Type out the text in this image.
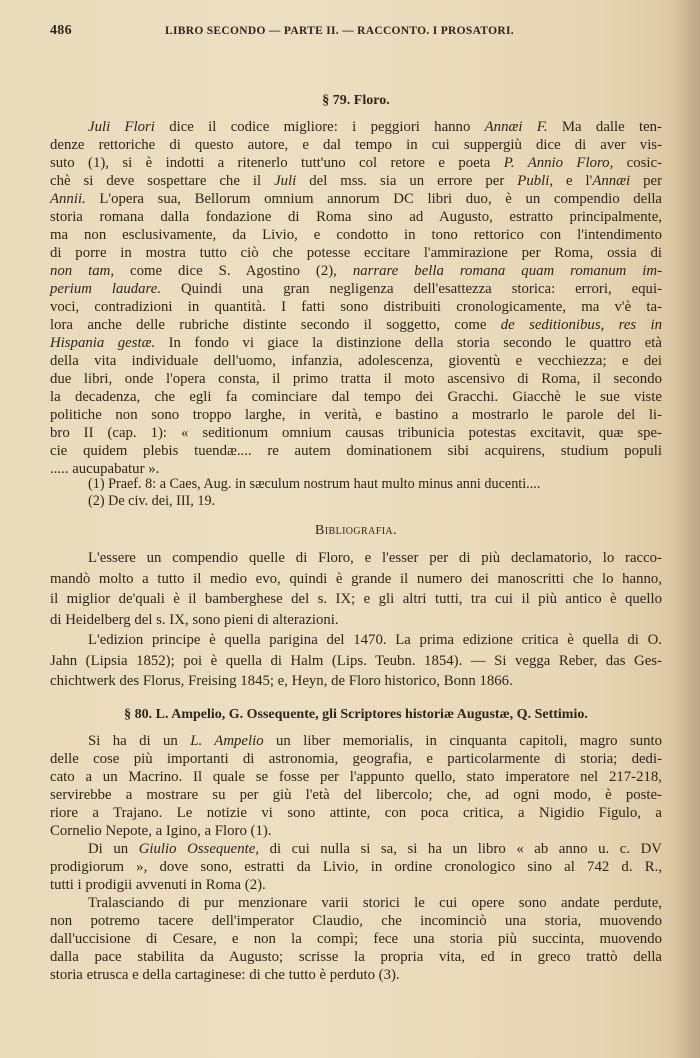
486	LIBRO SECONDO — PARTE II. — RACCONTO. I PROSATORI.
§ 79. Floro.
Juli Flori dice il codice migliore: i peggiori hanno Annæi F. Ma dalle ten-
denze rettoriche di questo autore, e dal tempo in cui suppergiù dice di aver vis-
suto (1), si è indotti a ritenerlo tutt'uno col retore e poeta P. Annio Floro, cosic-
chè si deve sospettare che il Juli del mss. sia un errore per Publi, e l'Annæi per
Annii. L'opera sua, Bellorum omnium annorum DC libri duo, è un compendio della
storia romana dalla fondazione di Roma sino ad Augusto, estratto principalmente,
ma non esclusivamente, da Livio, e condotto in tono rettorico con l'intendimento
di porre in mostra tutto ciò che potesse eccitare l'ammirazione per Roma, ossia di
non tam, come dice S. Agostino (2), narrare bella romana quam romanum im-
perium laudare. Quindi una gran negligenza dell'esattezza storica: errori, equi-
voci, contradizioni in quantità. I fatti sono distribuiti cronologicamente, ma v'è ta-
lora anche delle rubriche distinte secondo il soggetto, come de seditionibus, res in
Hispania gestæ. In fondo vi giace la distinzione della storia secondo le quattro età
della vita individuale dell'uomo, infanzia, adolescenza, gioventù e vecchiezza; e dei
due libri, onde l'opera consta, il primo tratta il moto ascensivo di Roma, il secondo
la decadenza, che egli fa cominciare dal tempo dei Gracchi. Giacchè le sue viste
politiche non sono troppo larghe, in verità, e bastino a mostrarlo le parole del li-
bro II (cap. 1): « seditionum omnium causas tribunicia potestas excitavit, quæ spe-
cie quidem plebis tuendæ.... re autem dominationem sibi acquirens, studium populi
..... aucupabatur ».
(1) Praef. 8: a Caes, Aug. in sæculum nostrum haut multo minus anni ducenti....
(2) De civ. dei, III, 19.
Bibliografia.
L'essere un compendio quelle di Floro, e l'esser per di più declamatorio, lo racco-
mandò molto a tutto il medio evo, quindi è grande il numero dei manoscritti che lo hanno,
il miglior de'quali è il bamberghese del s. IX; e gli altri tutti, tra cui il più antico è quello
di Heidelberg del s. IX, sono pieni di alterazioni.
L'edizion principe è quella parigina del 1470. La prima edizione critica è quella di O.
Jahn (Lipsia 1852); poi è quella di Halm (Lips. Teubn. 1854). — Si vegga Reber, das Ges-
chichtwerk des Florus, Freising 1845; e, Heyn, de Floro historico, Bonn 1866.
§ 80. L. Ampelio, G. Ossequente, gli Scriptores historiæ Augustæ, Q. Settimio.
Si ha di un L. Ampelio un liber memorialis, in cinquanta capitoli, magro sunto
delle cose più importanti di astronomia, geografia, e particolarmente di storia; dedi-
cato a un Macrino. Il quale se fosse per l'appunto quello, stato imperatore nel 217-218,
servirebbe a mostrare su per giù l'età del libercolo; che, ad ogni modo, è poste-
riore a Trajano. Le notizie vi sono attinte, con poca critica, a Nigidio Figulo, a
Cornelio Nepote, a Igino, a Floro (1).
Di un Giulio Ossequente, di cui nulla si sa, si ha un libro « ab anno u. c. DV
prodigiorum », dove sono, estratti da Livio, in ordine cronologico sino al 742 d. R.,
tutti i prodigii avvenuti in Roma (2).
Tralasciando di pur menzionare varii storici le cui opere sono andate perdute,
non potremo tacere dell'imperator Claudio, che incominciò una storia, muovendo
dall'uccisione di Cesare, e non la compì; fece una storia più succinta, muovendo
dalla pace stabilita da Augusto; scrisse la propria vita, ed in greco trattò della
storia etrusca e della cartaginese: di che tutto è perduto (3).
